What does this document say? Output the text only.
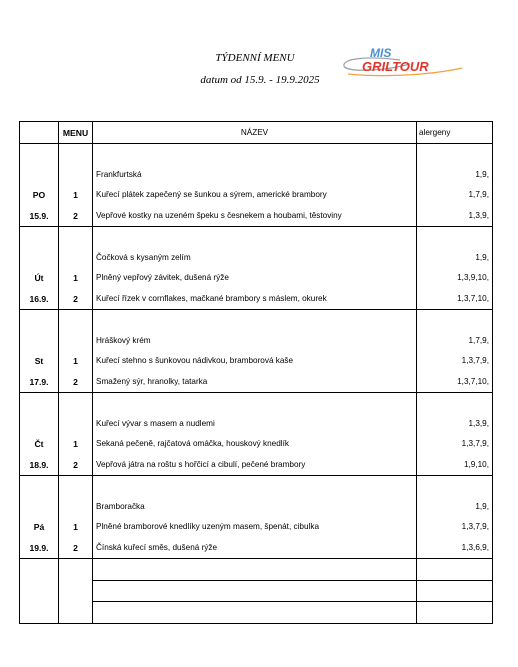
TÝDENNÍ MENU
datum od 15.9. - 19.9.2025
MIS
GRILTOUR
	MENU	NÁZEV	alergeny

		Frankfurtská	1,9,
PO	1	Kuřecí plátek zapečený se šunkou a sýrem, americké brambory	1,7,9,
15.9.	2	Vepřové kostky na uzeném špeku s česnekem a houbami, těstoviny	1,3,9,

		Čočková s kysaným zelím	1,9,
Út	1	Plněný vepřový závitek, dušená rýže	1,3,9,10,
16.9.	2	Kuřecí řízek v cornflakes, mačkané brambory s máslem, okurek	1,3,7,10,

		Hráškový krém	1,7,9,
St	1	Kuřecí stehno s šunkovou nádivkou, bramborová kaše	1,3,7,9,
17.9.	2	Smažený sýr, hranolky, tatarka	1,3,7,10,

		Kuřecí vývar s masem a nudlemi	1,3,9,
Čt	1	Sekaná pečeně, rajčatová omáčka, houskový knedlík	1,3,7,9,
18.9.	2	Vepřová játra na roštu s hořčicí a cibulí, pečené brambory	1,9,10,

		Bramboračka	1,9,
Pá	1	Plněné bramborové knedlíky uzeným masem, špenát, cibulka	1,3,7,9,
19.9.	2	Čínská kuřecí směs, dušená rýže	1,3,6,9,
